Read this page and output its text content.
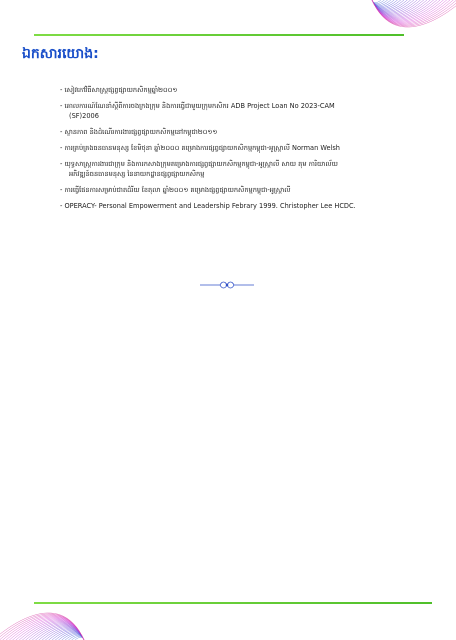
ឯកសារយោង:
- សៀវភៅវិធីសាស្ត្រផ្សព្វផ្សាយកសិកម្មឆ្នាំ២០០១
- គោលការណ៍ណែនាំស្តីពីការចងក្រងក្រុម និងការធ្វើជាមួយក្រុមកសិករ ADB Project Loan No 2023-CAM
(SF)2006
- ស្ថានភាព និងដំណើរការងារផ្សព្វផ្សាយកសិកម្មនៅកម្ពុជា២០១១
- ការគ្រប់គ្រងធនធានមនុស្ស ខែមិថុនា ឆ្នាំ២០០០ គម្រោងការផ្សព្វផ្សាយកសិកម្មកម្ពុជា-អូស្ត្រាលី Norman Welsh
- យុទ្ធសាស្ត្រការងារជាក្រុម និងការកសាងក្រុមគម្រោងការផ្សព្វផ្សាយកសិកម្មកម្ពុជា-អូស្ត្រាលី សាយ គុម ការិយាល័យ
អភិវឌ្ឍន៍ធនធានមនុស្ស នៃនាយកដ្ឋានផ្សព្វផ្សាយកសិកម្ម
- ការធ្វើផែនការសម្រាប់ជាតដំរីយ ខែតុលា ឆ្នាំ២០០១ គម្រោងផ្សព្វផ្សាយកសិកម្មកម្ពុជា-អូស្ត្រាលី
- OPERACY- Personal Empowerment and Leadership Febrary 1999. Christopher Lee HCDC.
